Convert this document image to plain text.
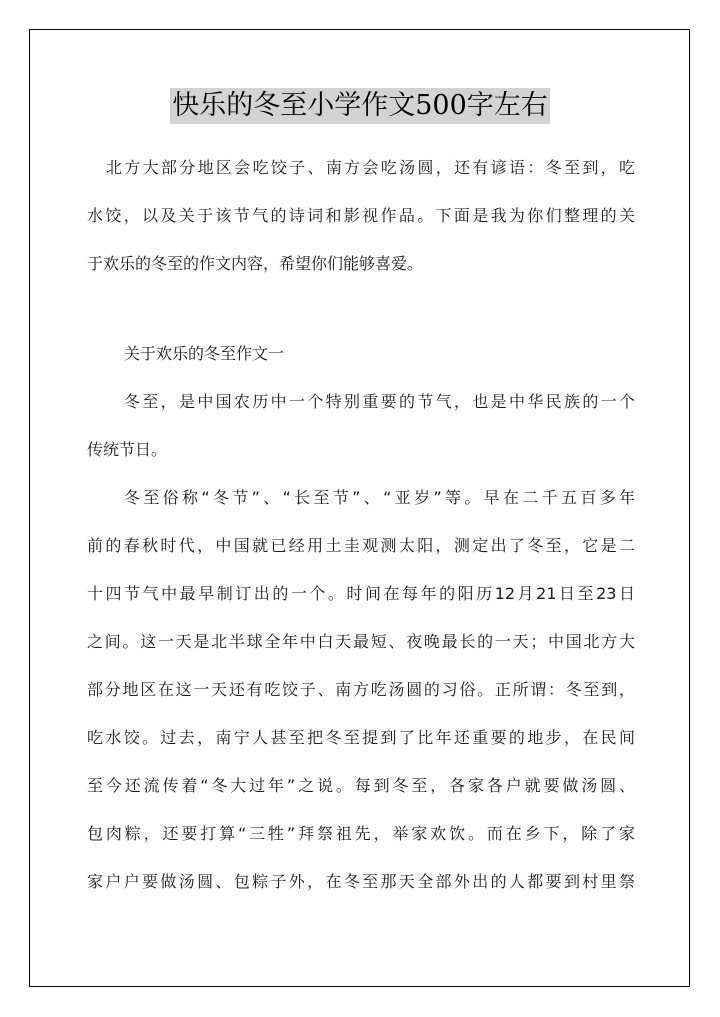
快乐的冬至小学作文500字左右
北方大部分地区会吃饺子、南方会吃汤圆，还有谚语：冬至到，吃
水饺，以及关于该节气的诗词和影视作品。下面是我为你们整理的关
于欢乐的冬至的作文内容，希望你们能够喜爱。
关于欢乐的冬至作文一
冬至，是中国农历中一个特别重要的节气，也是中华民族的一个
传统节日。
冬至俗称“冬节”、“长至节”、“亚岁”等。早在二千五百多年
前的春秋时代，中国就已经用土圭观测太阳，测定出了冬至，它是二
十四节气中最早制订出的一个。时间在每年的阳历12月21日至23日
之间。这一天是北半球全年中白天最短、夜晚最长的一天；中国北方大
部分地区在这一天还有吃饺子、南方吃汤圆的习俗。正所谓：冬至到，
吃水饺。过去，南宁人甚至把冬至提到了比年还重要的地步，在民间
至今还流传着“冬大过年”之说。每到冬至，各家各户就要做汤圆、
包肉粽，还要打算“三牲”拜祭祖先，举家欢饮。而在乡下，除了家
家户户要做汤圆、包粽子外，在冬至那天全部外出的人都要到村里祭
